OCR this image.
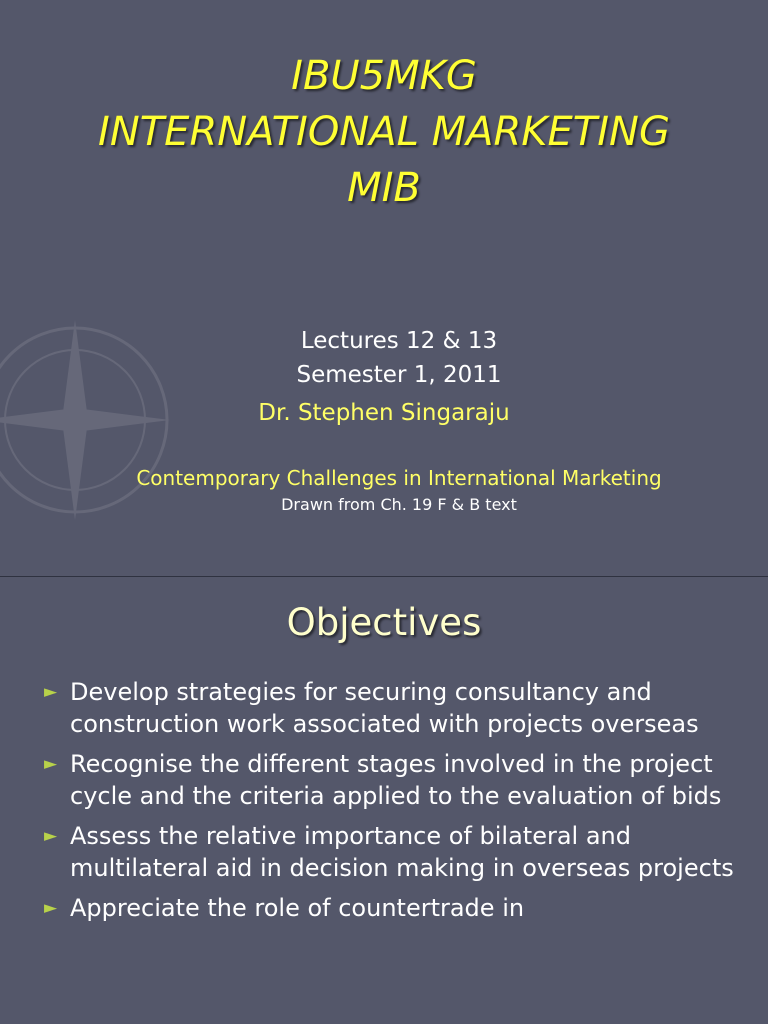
IBU5MKG
INTERNATIONAL MARKETING
MIB
Lectures 12 & 13
Semester 1, 2011
Dr. Stephen Singaraju
Contemporary Challenges in International Marketing
Drawn from Ch. 19 F & B text
Objectives
► Develop strategies for securing consultancy and construction work associated with projects overseas
► Recognise the different stages involved in the project cycle and the criteria applied to the evaluation of bids
► Assess the relative importance of bilateral and multilateral aid in decision making in overseas projects
► Appreciate the role of countertrade in
